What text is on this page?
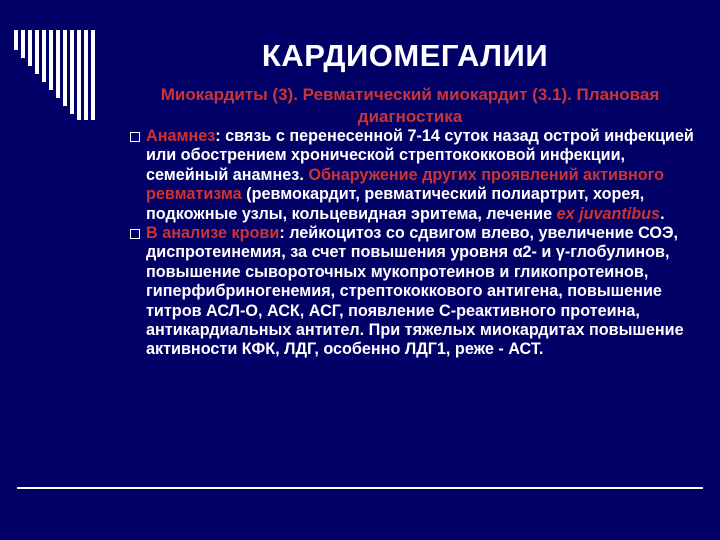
КАРДИОМЕГАЛИИ
Миокардиты (3). Ревматический миокардит (3.1). Плановая диагностика

Анамнез: связь с перенесенной 7-14 суток назад острой инфекцией или обострением хронической стрептококковой инфекции, семейный анамнез. Обнаружение других проявлений активного ревматизма (ревмокардит, ревматический полиартрит, хорея, подкожные узлы, кольцевидная эритема, лечение ex juvantibus.

В анализе крови: лейкоцитоз со сдвигом влево, увеличение СОЭ, диспротеинемия, за счет повышения уровня α2- и γ-глобулинов, повышение сывороточных мукопротеинов и гликопротеинов, гиперфибриногенемия, стрептококкового антигена, повышение титров АСЛ-О, АСК, АСГ, появление С-реактивного протеина, антикардиальных антител. При тяжелых миокардитах повышение активности КФК, ЛДГ, особенно ЛДГ1, реже - АСТ.
